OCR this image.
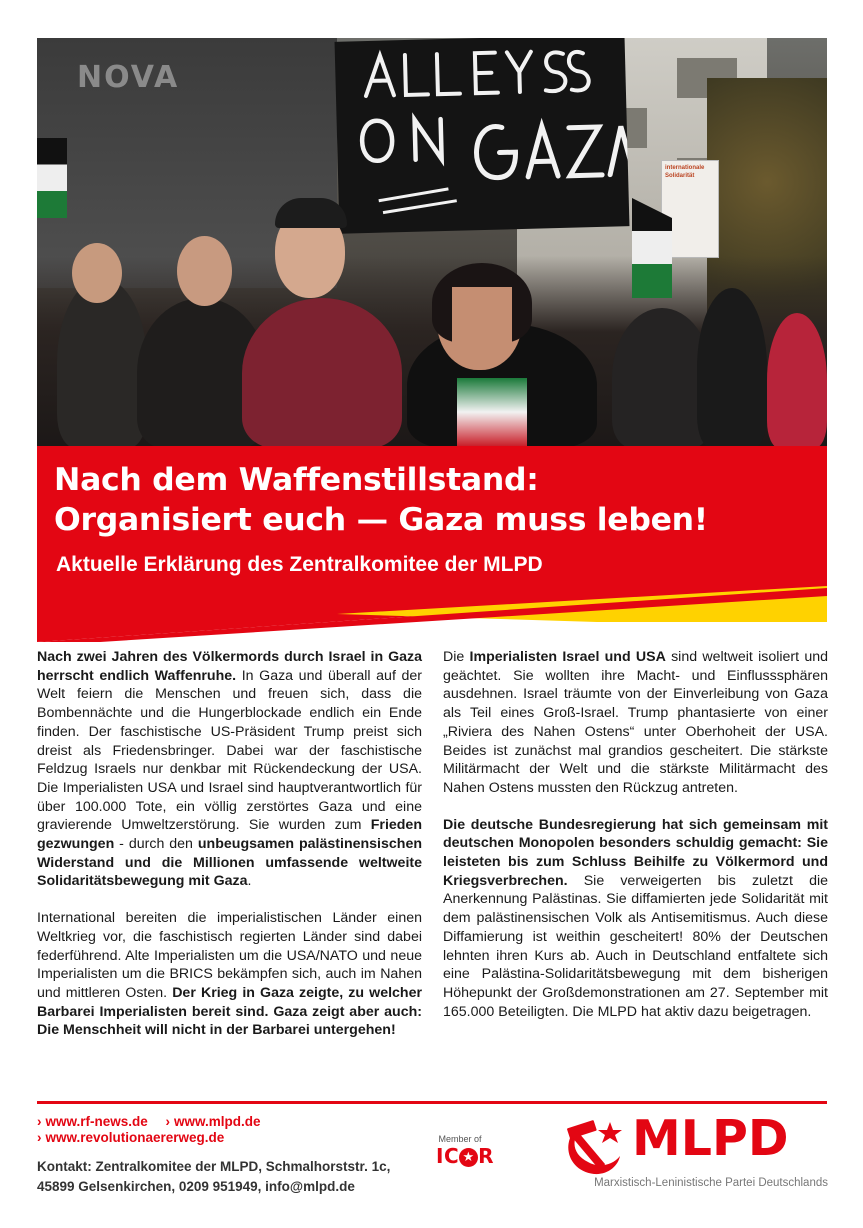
NOVA
internationale Solidarität
Nach dem Waffenstillstand:
Organisiert euch — Gaza muss leben!
Aktuelle Erklärung des Zentralkomitee der MLPD

Nach zwei Jahren des Völkermords durch Israel in Gaza herrscht endlich Waffenruhe. In Gaza und überall auf der Welt feiern die Menschen und freuen sich, dass die Bombennächte und die Hungerblockade endlich ein Ende finden. Der faschistische US-Präsident Trump preist sich dreist als Friedensbringer. Dabei war der faschistische Feldzug Israels nur denkbar mit Rückendeckung der USA. Die Imperialisten USA und Israel sind hauptverantwortlich für über 100.000 Tote, ein völlig zerstörtes Gaza und eine gravierende Umweltzerstörung. Sie wurden zum Frieden gezwungen - durch den unbeugsamen palästinensischen Widerstand und die Millionen umfassende weltweite Solidaritätsbewegung mit Gaza.

International bereiten die imperialistischen Länder einen Weltkrieg vor, die faschistisch regierten Länder sind dabei federführend. Alte Imperialisten um die USA/NATO und neue Imperialisten um die BRICS bekämpfen sich, auch im Nahen und mittleren Osten. Der Krieg in Gaza zeigte, zu welcher Barbarei Imperialisten bereit sind. Gaza zeigt aber auch: Die Menschheit will nicht in der Barbarei untergehen!

Die Imperialisten Israel und USA sind weltweit isoliert und geächtet. Sie wollten ihre Macht- und Einflusssphären ausdehnen. Israel träumte von der Einverleibung von Gaza als Teil eines Groß-Israel. Trump phantasierte von einer „Riviera des Nahen Ostens“ unter Oberhoheit der USA. Beides ist zunächst mal grandios gescheitert. Die stärkste Militärmacht der Welt und die stärkste Militärmacht des Nahen Ostens mussten den Rückzug antreten.

Die deutsche Bundesregierung hat sich gemeinsam mit deutschen Monopolen besonders schuldig gemacht: Sie leisteten bis zum Schluss Beihilfe zu Völkermord und Kriegsverbrechen. Sie verweigerten bis zuletzt die Anerkennung Palästinas. Sie diffamierten jede Solidarität mit dem palästinensischen Volk als Antisemitismus. Auch diese Diffamierung ist weithin gescheitert! 80% der Deutschen lehnten ihren Kurs ab. Auch in Deutschland entfaltete sich eine Palästina-Solidaritätsbewegung mit dem bisherigen Höhepunkt der Großdemonstrationen am 27. September mit 165.000 Beteiligten. Die MLPD hat aktiv dazu beigetragen.

› www.rf-news.de › www.mlpd.de
› www.revolutionaererweg.de
Kontakt: Zentralkomitee der MLPD, Schmalhorststr. 1c,
45899 Gelsenkirchen, 0209 951949, info@mlpd.de
Member of
IC ★ R	MLPD
Marxistisch-Leninistische Partei Deutschlands
